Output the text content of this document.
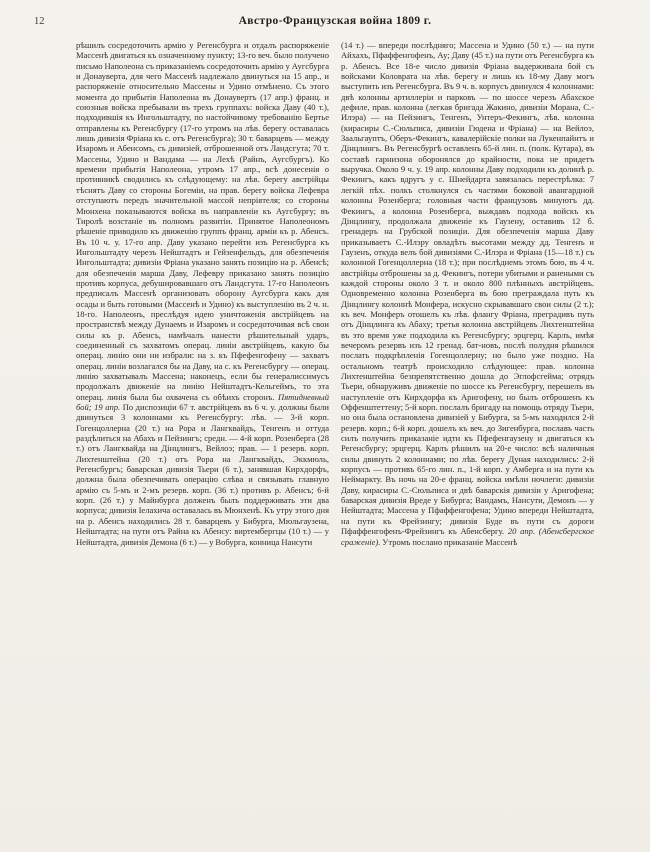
12	Австро-Французская война 1809 г.

рѣшилъ сосредоточить армію у Регенсбурга и отдалъ распоряженіе Массенѣ двигаться къ означенному пункту; 13-го веч. было получено письмо Наполеона съ приказаніемъ сосредоточить армію у Аугсбурга и Донауверта, для чего Массенѣ надлежало двинуться на 15 апр., и распоряженіе относительно Массены и Удино отмѣнено. Съ этого момента до прибытія Наполеона въ Донаувертъ (17 апр.) франц. и союзныя войска пребывали въ трехъ группахъ: войска Даву (40 т.), подходившія къ Ингольштадту, по настойчивому требованію Бертье отправлены къ Регенсбургу (17-го утромъ на лѣв. берегу оставалась лишь дивизія Фріана къ с. отъ Регенсбурга); 30 т. баварцевъ — между Изаромъ и Абенсомъ, съ дивизіей, отброшенной отъ Ландсгута; 70 т. Массены, Удино и Вандама — на Лехѣ (Райнъ, Аугсбургъ). Ко времени прибытія Наполеона, утромъ 17 апр., всѣ донесенія о противникѣ сводились къ слѣдующему: на лѣв. берегу австрійцы тѣснятъ Даву со стороны Богеміи, на прав. берегу войска Лефевра отступаютъ передъ значительной массой непріятеля; со стороны Мюнхена показываются войска въ направленіи къ Аугсбургу; въ Тиролѣ возстаніе въ полномъ развитіи. Принятое Наполеономъ рѣшеніе приводило къ движенію группъ франц. арміи къ р. Абенсъ. Въ 10 ч. у. 17-го апр. Даву указано перейти изъ Регенсбурга къ Ингольштадту черезъ Нейштадтъ и Гейзенфельдъ, для обезпеченія Ингольштадта; дивизіи Фріана указано занять позицію на р. Абенсѣ; для обезпеченія марша Даву, Лефевру приказано занять позицію противъ корпуса, дебушировавшаго отъ Ландсгута. 17-го Наполеонъ предписалъ Массенѣ организовать оборону Аугсбурга какъ для осады и быть готовыми (Массенѣ и Удино) къ выступленію въ 2 ч. н. 18-го. Наполеонъ, преслѣдуя идею уничтоженія австрійцевъ на пространствѣ между Дунаемъ и Изаромъ и сосредоточивая всѣ свои силы къ р. Абенсъ, намѣчалъ нанести рѣшительный ударъ, соединенный съ захватомъ операц. линіи австрійцевъ, какую бы операц. линію они ни избрали: на з. къ Пфефенгофену — захватъ операц. линіи возлагался бы на Даву, на с. къ Регенсбургу — операц. линію захватывалъ Массена; наконецъ, если бы генералиссимусъ продолжалъ движеніе на линію Нейштадтъ-Кельгеймъ, то эта операц. линія была бы охвачена съ обѣихъ сторонъ. Пятидневный бой; 19 апр. По диспозиціи 67 т. австрійцевъ въ 6 ч. у. должны были двинуться 3 колоннами къ Регенсбургу: лѣв. — 3-й корп. Гогенцоллерна (20 т.) на Рора и Лангквайдъ, Тенгенъ и оттуда раздѣлиться на Абахъ и Пейзингъ; средн. — 4-й корп. Розенберга (28 т.) отъ Лангквайда на Дінцлингъ, Вейлоэ; прав. — 1 резерв. корп. Лихтенштейна (20 т.) отъ Рора на Лангквайдъ, Эккмюль, Регенсбургъ; баварская дивизія Тьери (6 т.), занявшая Кирхдорфъ, должна была обезпечивать операцію слѣва и связывать главную армію съ 5-мъ и 2-мъ резерв. корп. (36 т.) противъ р. Абенсъ; 6-й корп. (26 т.) у Майнбурга долженъ былъ поддерживать эти два корпуса; дивизія Іелахича оставалась въ Мюнхенѣ. Къ утру этого дня на р. Абенсъ находились 28 т. баварцевъ у Бибурга, Мюльгаузена, Нейштадта; на пути отъ Райна къ Абенсу: виртембергцы (10 т.) — у Нейштадта, дивизія Демона (6 т.) — у Вобурга, конница Нансути

(14 т.) — впереди послѣдняго; Массена и Удино (50 т.) — на пути Айхахъ, Пфаффенгофенъ, Ау; Даву (45 т.) на пути отъ Регенсбурга къ р. Абенсъ. Все 18-е число дивизія Фріана выдерживала бой съ войсками Коловрата на лѣв. берегу и лишь къ 18-му Даву могъ выступить изъ Регенсбурга. Въ 9 ч. в. корпусъ двинулся 4 колоннами: двѣ колонны артиллеріи и парковъ — по шоссе черезъ Абахское дефиле, прав. колонна (легкая бригада Жакино, дивизіи Морана, С.-Илэра) — на Пейзингъ, Тенгенъ, Унтеръ-Фекингъ, лѣв. колонна (кирасиры С.-Сюльписа, дивизіи Гюдена и Фріана) — на Вейлоэ, Заальгауптъ, Оберъ-Фекингъ, кавалерійскіе полки на Лукенпайнтъ и Дінцлингъ. Въ Регенсбургѣ оставленъ 65-й лин. п. (полк. Кутара), въ составѣ гарнизона оборонялся до крайности, пока не придетъ выручка. Около 9 ч. у. 19 апр. колонны Даву подходили къ долинѣ р. Фекингъ, какъ вдругъ у с. Шнейдарта завязалась перестрѣлка: 7 легкій пѣх. полкъ столкнулся съ частями боковой авангардной колонны Розенберга; головныя части французовъ минуютъ дд. Фекингъ, а колонна Розенберга, выждавъ подхода войскъ къ Дінцлингу, продолжала движеніе къ Гаузену, оставивъ 12 б. гренадеръ на Грубской позиціи. Для обезпеченія марша Даву приказываетъ С.-Илэру овладѣть высотами между дд. Тенгенъ и Гаузенъ, откуда велъ бой дивизіями С.-Илэра и Фріана (15—18 т.) съ колонной Гогенцоллерна (18 т.); при послѣднемъ этомъ бою, въ 4 ч. австрійцы отброшены за д. Фекингъ, потери убитыми и ранеными съ каждой стороны около 3 т. и около 800 плѣнныхъ австрійцевъ. Одновременно колонна Розенберга въ бою преграждала путь къ Дінцлингу колоннѣ Монфера, искусно скрывавшаго свои силы (2 т.); къ веч. Монферъ отошелъ къ лѣв. флангу Фріана, преградивъ путь отъ Дінцлинга къ Абаху; третья колонна австрійцевъ Лихтенштейна въ это время уже подходила къ Регенсбургу; эрцгерц. Карлъ, имѣя вечеромъ резервъ изъ 12 гренад. бат-новъ, послѣ полудня рѣшился послать подкрѣпленія Гогенцоллерну; но было уже поздно. На остальномъ театрѣ происходило слѣдующее: прав. колонна Лихтенштейна безпрепятственно дошла до Эглофсгейма; отрядъ Тьери, обнаруживъ движеніе по шоссе къ Регенсбургу, перешелъ въ наступленіе отъ Кирхдорфа къ Аригофену, но былъ отброшенъ къ Оффенштеттену; 5-й корп. послалъ бригаду на помощь отряду Тьери, но она была остановлена дивизіей у Бибурга, за 5-мъ находился 2-й резерв. корп.; 6-й корп. дошелъ къ веч. до Зигенбурга, пославъ часть силъ получить приказаніе идти къ Пфефенгаузену и двигаться къ Регенсбургу; эрцгерц. Карлъ рѣшилъ на 20-е число: всѣ наличныя силы двинуть 2 колоннами; по лѣв. берегу Дуная находились: 2-й корпусъ — противъ 65-го лин. п., 1-й корп. у Амберга и на пути къ Неймаркту. Въ ночь на 20-е франц. войска имѣли ночлеги: дивизіи Даву, кирасиры С.-Сюльписа и двѣ баварскія дивизіи у Аригофена; баварская дивизія Вреде у Бибурга; Вандамъ, Нансути, Демонъ — у Нейштадта; Массена у Пфаффенгофена; Удино впереди Нейштадта, на пути къ Фрейзингу; дивизія Буде въ пути съ дороги Пфаффенгофенъ-Фрейзингъ къ Абенсбергу. 20 апр. (Абенсбергское сраженіе). Утромъ послано приказаніе Массенѣ
